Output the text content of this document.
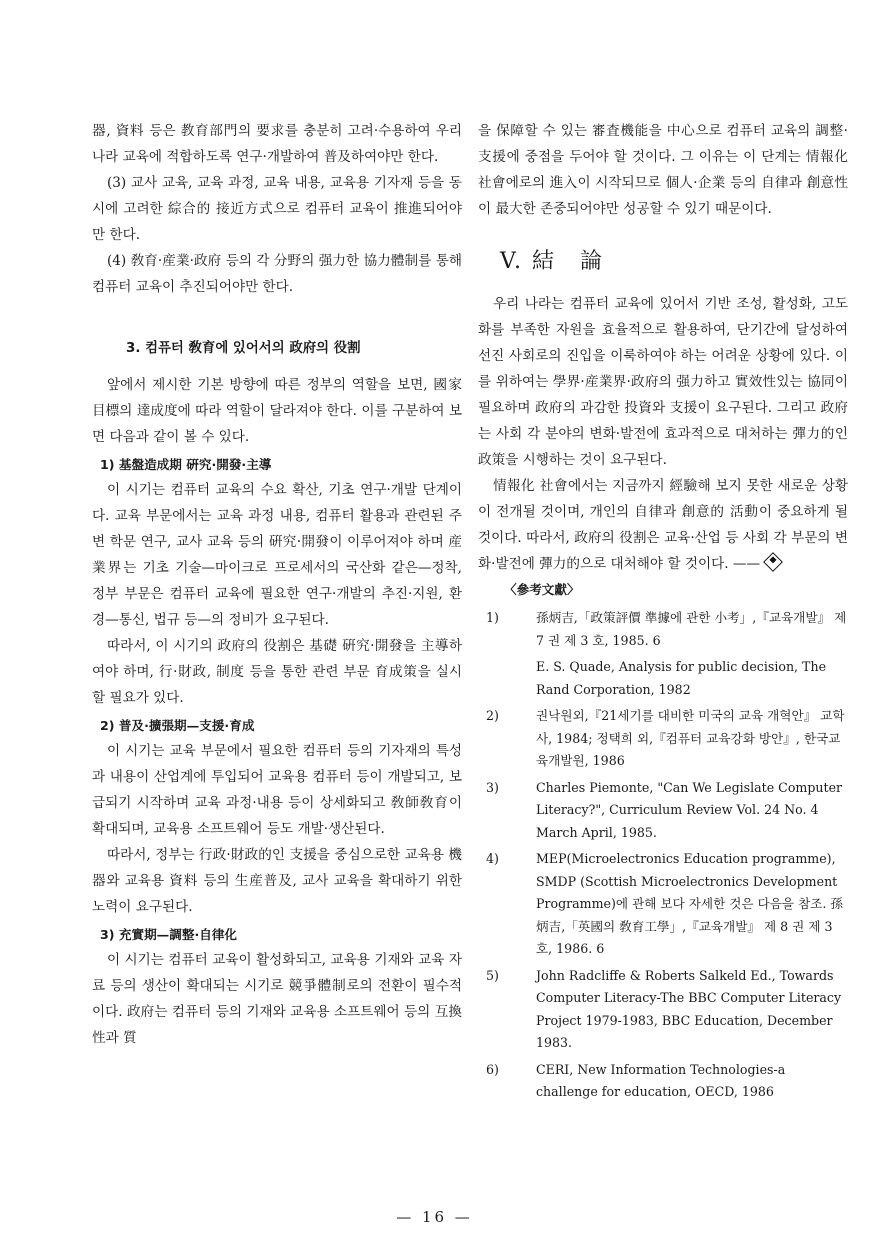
器, 資料 등은 教育部門의 要求를 충분히 고려·수용하여 우리 나라 교육에 적합하도록 연구·개발하여 普及하여야만 한다.

(3) 교사 교육, 교육 과정, 교육 내용, 교육용 기자재 등을 동시에 고려한 綜合的 接近方式으로 컴퓨터 교육이 推進되어야만 한다.

(4) 敎育·産業·政府 등의 각 分野의 强力한 協力體制를 통해 컴퓨터 교육이 추진되어야만 한다.

3. 컴퓨터 敎育에 있어서의 政府의 役割

앞에서 제시한 기본 방향에 따른 정부의 역할을 보면, 國家目標의 達成度에 따라 역할이 달라져야 한다. 이를 구분하여 보면 다음과 같이 볼 수 있다.

1) 基盤造成期 硏究·開發·主導

이 시기는 컴퓨터 교육의 수요 확산, 기초 연구·개발 단계이다. 교육 부문에서는 교육 과정 내용, 컴퓨터 활용과 관련된 주변 학문 연구, 교사 교육 등의 硏究·開發이 이루어져야 하며 産業界는 기초 기술—마이크로 프로세서의 국산화 같은—정착, 정부 부문은 컴퓨터 교육에 필요한 연구·개발의 추진·지원, 환경—통신, 법규 등—의 정비가 요구된다.

따라서, 이 시기의 政府의 役割은 基礎 硏究·開發을 主導하여야 하며, 行·財政, 制度 등을 통한 관련 부문 育成策을 실시할 필요가 있다.

2) 普及·擴張期—支援·育成

이 시기는 교육 부문에서 필요한 컴퓨터 등의 기자재의 특성과 내용이 산업계에 투입되어 교육용 컴퓨터 등이 개발되고, 보급되기 시작하며 교육 과정·내용 등이 상세화되고 敎師敎育이 확대되며, 교육용 소프트웨어 등도 개발·생산된다.

따라서, 정부는 行政·財政的인 支援을 중심으로한 교육용 機器와 교육용 資料 등의 生産普及, 교사 교육을 확대하기 위한 노력이 요구된다.

3) 充實期—調整·自律化

이 시기는 컴퓨터 교육이 활성화되고, 교육용 기재와 교육 자료 등의 생산이 확대되는 시기로 競爭體制로의 전환이 필수적이다. 政府는 컴퓨터 등의 기재와 교육용 소프트웨어 등의 互換性과 質

을 保障할 수 있는 審査機能을 中心으로 컴퓨터 교육의 調整·支援에 중점을 두어야 할 것이다. 그 이유는 이 단계는 情報化 社會에로의 進入이 시작되므로 個人·企業 등의 自律과 創意性이 最大한 존중되어야만 성공할 수 있기 때문이다.

V. 結　論

우리 나라는 컴퓨터 교육에 있어서 기반 조성, 활성화, 고도화를 부족한 자원을 효율적으로 활용하여, 단기간에 달성하여 선진 사회로의 진입을 이룩하여야 하는 어려운 상황에 있다. 이를 위하여는 學界·産業界·政府의 强力하고 實效性있는 協同이 필요하며 政府의 과감한 投資와 支援이 요구된다. 그리고 政府는 사회 각 분야의 변화·발전에 효과적으로 대처하는 彈力的인 政策을 시행하는 것이 요구된다.

情報化 社會에서는 지금까지 經驗해 보지 못한 새로운 상황이 전개될 것이며, 개인의 自律과 創意的 活動이 중요하게 될 것이다. 따라서, 政府의 役割은 교육·산업 등 사회 각 부문의 변화·발전에 彈力的으로 대처해야 할 것이다. ——

〈參考文獻〉
1)	孫炳吉,「政策評價 準據에 관한 小考」,『교육개발』 제 7 권 제 3 호, 1985. 6
E. S. Quade, Analysis for public decision, The Rand Corporation, 1982
2)	권낙원외,『21세기를 대비한 미국의 교육 개혁안』 교학사, 1984; 정택희 외,『컴퓨터 교육강화 방안』, 한국교육개발원, 1986
3)	Charles Piemonte, "Can We Legislate Computer Literacy?", Curriculum Review Vol. 24 No. 4 March April, 1985.
4)	MEP(Microelectronics Education programme), SMDP (Scottish Microelectronics Development Programme)에 관해 보다 자세한 것은 다음을 참조. 孫炳吉,「英國의 敎育工學」,『교육개발』 제 8 권 제 3 호, 1986. 6
5)	John Radcliffe & Roberts Salkeld Ed., Towards Computer Literacy-The BBC Computer Literacy Project 1979-1983, BBC Education, December 1983.
6)	CERI, New Information Technologies-a challenge for education, OECD, 1986
— 16 —
